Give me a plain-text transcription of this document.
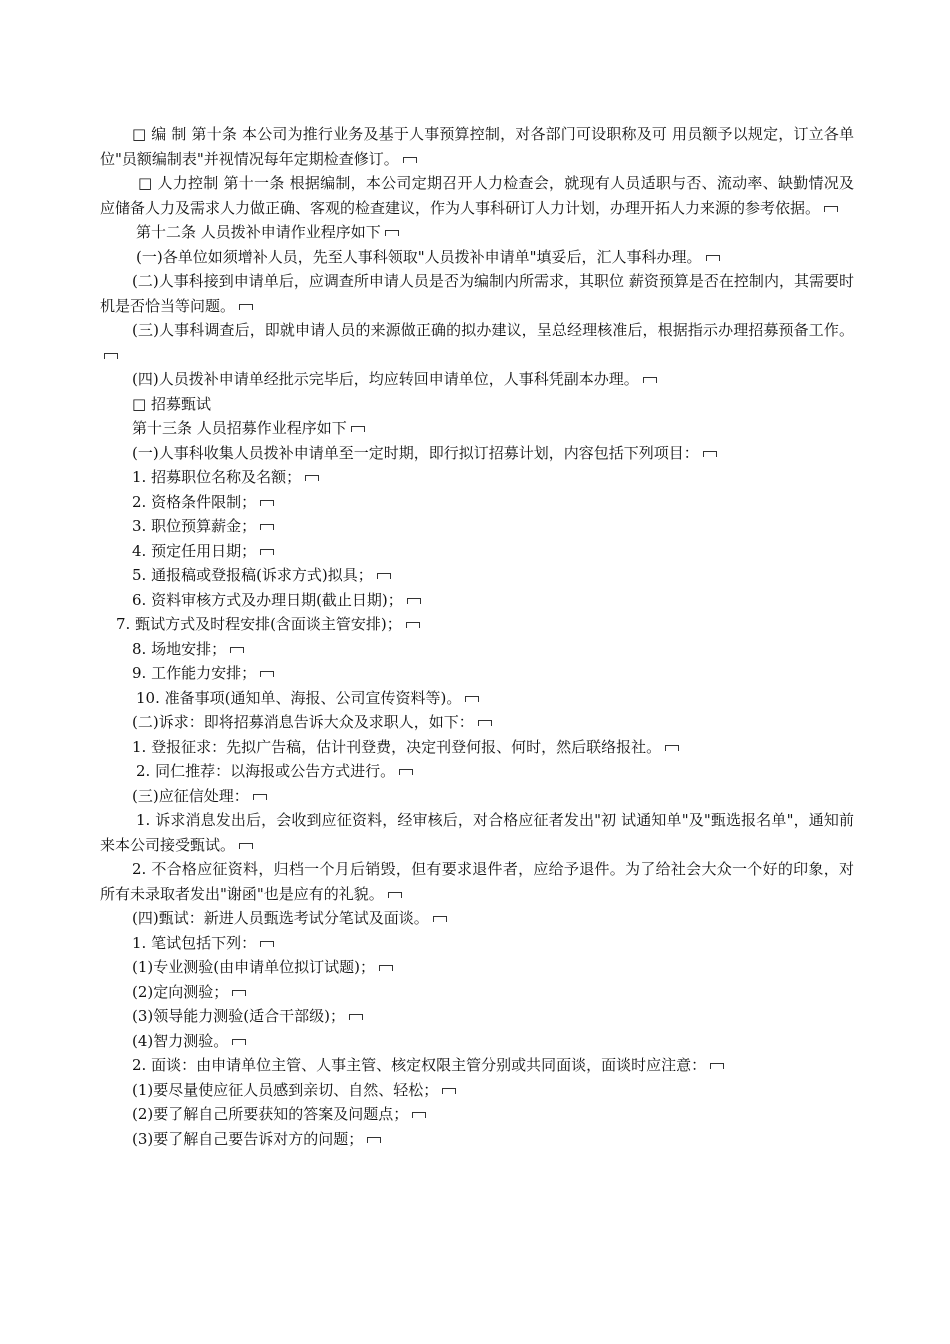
□ 编 制 第十条 本公司为推行业务及基于人事预算控制，对各部门可设职称及可 用员额予以规定，订立各单位"员额编制表"并视情况每年定期检查修订。
□ 人力控制 第十一条 根据编制，本公司定期召开人力检查会，就现有人员适职与否、流动率、缺勤情况及应储备人力及需求人力做正确、客观的检查建议，作为人事科研订人力计划，办理开拓人力来源的参考依据。
第十二条 人员拨补申请作业程序如下
(一)各单位如须增补人员，先至人事科领取"人员拨补申请单"填妥后，汇人事科办理。
(二)人事科接到申请单后，应调查所申请人员是否为编制内所需求，其职位 薪资预算是否在控制内，其需要时机是否恰当等问题。
(三)人事科调查后，即就申请人员的来源做正确的拟办建议，呈总经理核准后，根据指示办理招募预备工作。
(四)人员拨补申请单经批示完毕后，均应转回申请单位，人事科凭副本办理。
□ 招募甄试
第十三条 人员招募作业程序如下
(一)人事科收集人员拨补申请单至一定时期，即行拟订招募计划，内容包括下列项目：
1. 招募职位名称及名额；
2. 资格条件限制；
3. 职位预算薪金；
4. 预定任用日期；
5. 通报稿或登报稿(诉求方式)拟具；
6. 资料审核方式及办理日期(截止日期)；
7. 甄试方式及时程安排(含面谈主管安排)；
8. 场地安排；
9. 工作能力安排；
10. 准备事项(通知单、海报、公司宣传资料等)。
(二)诉求：即将招募消息告诉大众及求职人，如下：
1. 登报征求：先拟广告稿，估计刊登费，决定刊登何报、何时，然后联络报社。
2. 同仁推荐：以海报或公告方式进行。
(三)应征信处理：
1. 诉求消息发出后，会收到应征资料，经审核后，对合格应征者发出"初 试通知单"及"甄选报名单"，通知前来本公司接受甄试。
2. 不合格应征资料，归档一个月后销毁，但有要求退件者，应给予退件。为了给社会大众一个好的印象，对所有未录取者发出"谢函"也是应有的礼貌。
(四)甄试：新进人员甄选考试分笔试及面谈。
1. 笔试包括下列：
(1)专业测验(由申请单位拟订试题)；
(2)定向测验；
(3)领导能力测验(适合干部级)；
(4)智力测验。
2. 面谈：由申请单位主管、人事主管、核定权限主管分别或共同面谈，面谈时应注意：
(1)要尽量使应征人员感到亲切、自然、轻松；
(2)要了解自己所要获知的答案及问题点；
(3)要了解自己要告诉对方的问题；
